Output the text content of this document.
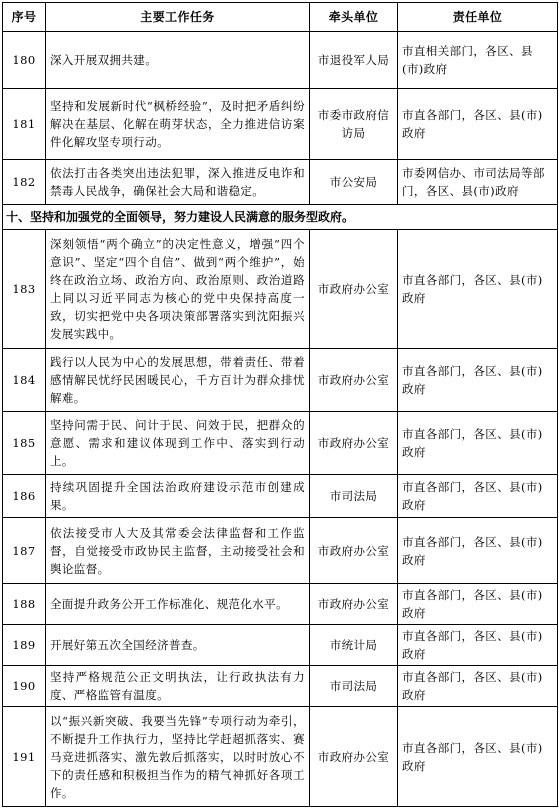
序号	主要工作任务	牵头单位	责任单位
180	深入开展双拥共建。	市退役军人局	市直相关部门，各区、县(市)政府
181	坚持和发展新时代“枫桥经验”，及时把矛盾纠纷解决在基层、化解在萌芽状态，全力推进信访案件化解攻坚专项行动。	市委市政府信访局	市直各部门，各区、县(市)政府
182	依法打击各类突出违法犯罪，深入推进反电诈和禁毒人民战争，确保社会大局和谐稳定。	市公安局	市委网信办、市司法局等部门，各区、县(市)政府
十、坚持和加强党的全面领导，努力建设人民满意的服务型政府。			
183	深刻领悟“两个确立”的决定性意义，增强“四个意识”、坚定“四个自信”、做到“两个维护”，始终在政治立场、政治方向、政治原则、政治道路上同以习近平同志为核心的党中央保持高度一致，切实把党中央各项决策部署落实到沈阳振兴发展实践中。	市政府办公室	市直各部门，各区、县(市)政府
184	践行以人民为中心的发展思想，带着责任、带着感情解民忧纾民困暖民心，千方百计为群众排忧解难。	市政府办公室	市直各部门，各区、县(市)政府
185	坚持问需于民、问计于民、问效于民，把群众的意愿、需求和建议体现到工作中、落实到行动上。	市政府办公室	市直各部门，各区、县(市)政府
186	持续巩固提升全国法治政府建设示范市创建成果。	市司法局	市直各部门，各区、县(市)政府
187	依法接受市人大及其常委会法律监督和工作监督，自觉接受市政协民主监督，主动接受社会和舆论监督。	市政府办公室	市直各部门，各区、县(市)政府
188	全面提升政务公开工作标准化、规范化水平。	市政府办公室	市直各部门，各区、县(市)政府
189	开展好第五次全国经济普查。	市统计局	市直各部门，各区、县(市)政府
190	坚持严格规范公正文明执法，让行政执法有力度、严格监管有温度。	市司法局	市直各部门，各区、县(市)政府
191	以“振兴新突破、我要当先锋”专项行动为牵引，不断提升工作执行力，坚持比学赶超抓落实、赛马竞进抓落实、激先敦后抓落实，以时时放心不下的责任感和积极担当作为的精气神抓好各项工作。	市政府办公室	市直各部门，各区、县(市)政府
